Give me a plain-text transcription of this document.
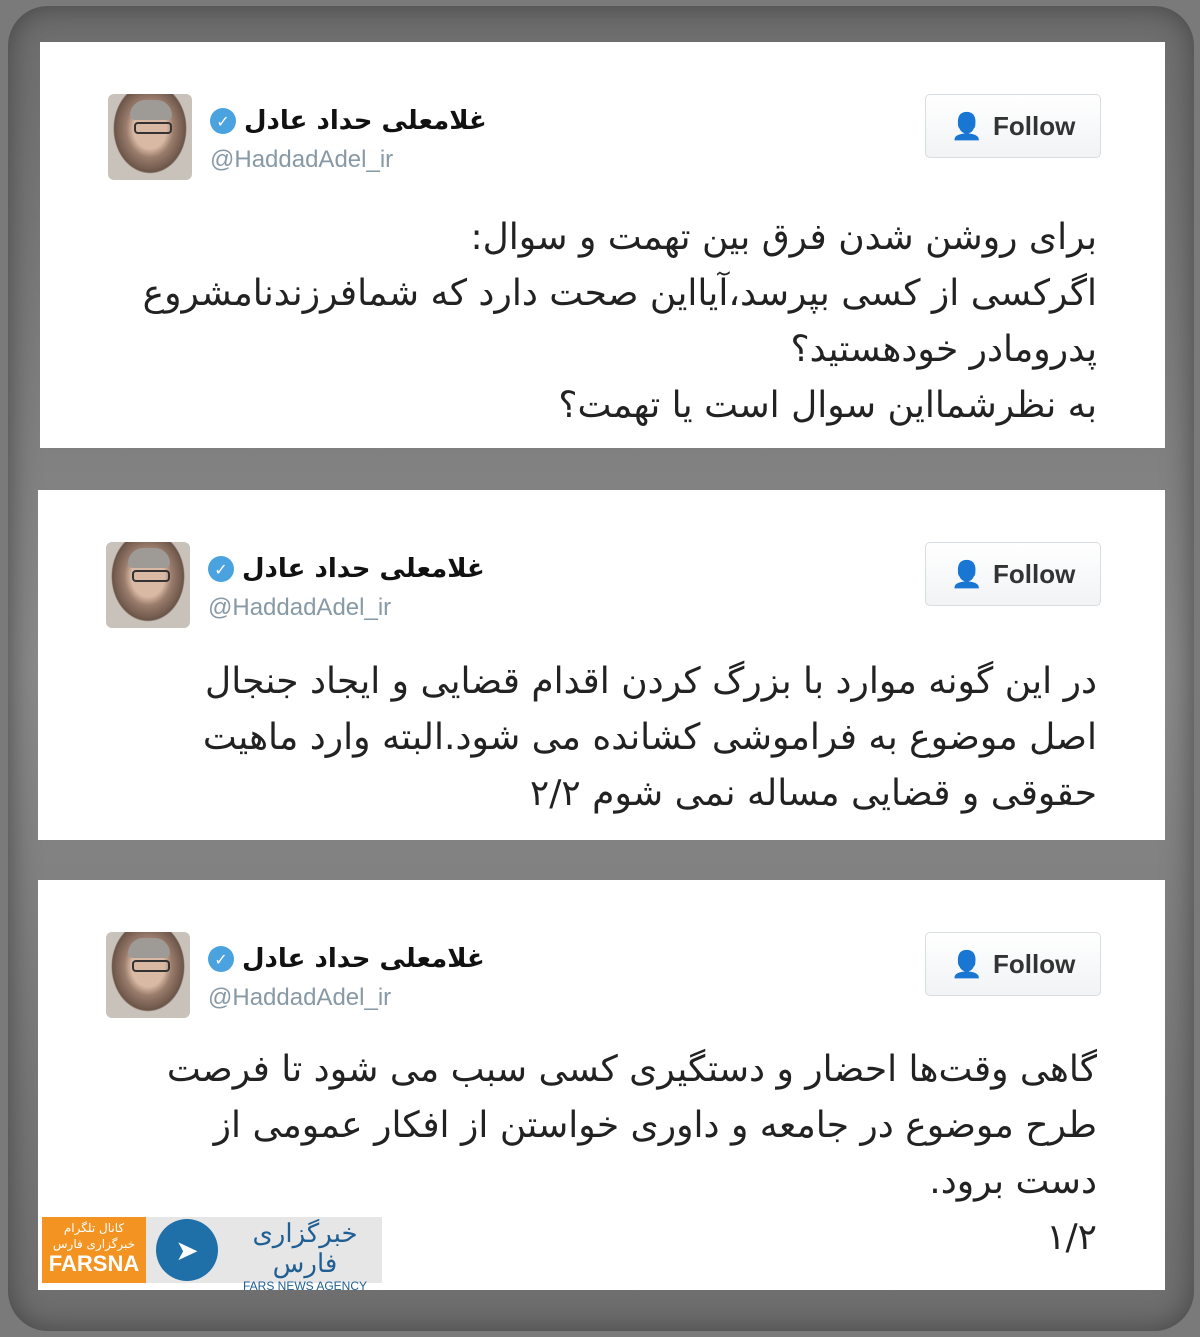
✓ غلامعلی حداد عادل
@HaddadAdel_ir
👤 Follow
برای روشن شدن فرق بین تهمت و سوال:
اگرکسی از کسی بپرسد،آیااین صحت دارد که شمافرزندنامشروع
پدرومادر خودهستید؟
به نظرشمااین سوال است یا تهمت؟
✓ غلامعلی حداد عادل
@HaddadAdel_ir
👤 Follow
در این گونه موارد با بزرگ کردن اقدام قضایی و ایجاد جنجال
اصل موضوع به فراموشی کشانده می شود.البته وارد ماهیت
حقوقی و قضایی مساله نمی شوم ۲/۲
✓ غلامعلی حداد عادل
@HaddadAdel_ir
👤 Follow
گاهی وقت‌ها احضار و دستگیری کسی سبب می شود تا فرصت
طرح موضوع در جامعه و داوری خواستن از افکار عمومی از
دست برود.
۱/۲
کانال تلگرام
خبرگزاری فارس
FARSNA	➤	خبرگزاری فارس
FARS NEWS AGENCY
